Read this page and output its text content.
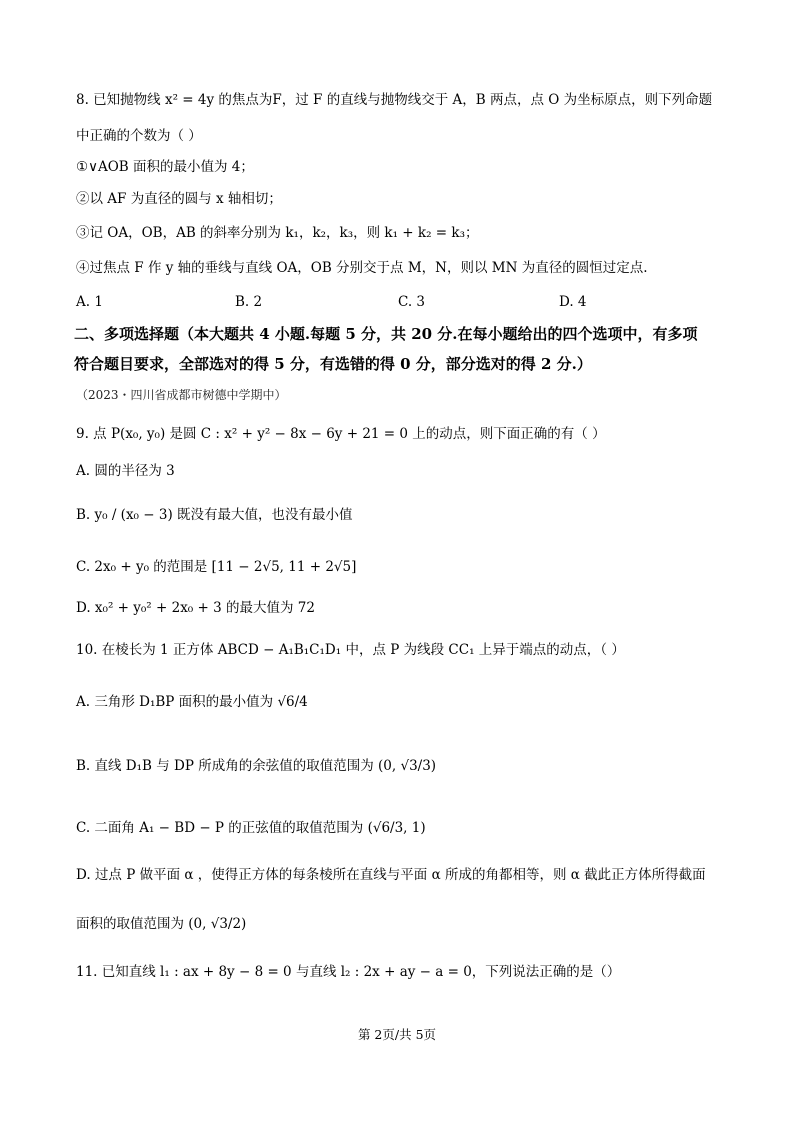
8. 已知抛物线 x² = 4y 的焦点为F，过 F 的直线与抛物线交于 A，B 两点，点 O 为坐标原点，则下列命题
中正确的个数为（ ）
①∨AOB 面积的最小值为 4；
②以 AF 为直径的圆与 x 轴相切；
③记 OA，OB，AB 的斜率分别为 k₁，k₂，k₃，则 k₁ + k₂ = k₃；
④过焦点 F 作 y 轴的垂线与直线 OA，OB 分别交于点 M，N，则以 MN 为直径的圆恒过定点.
A. 1	B. 2	C. 3	D. 4
二、多项选择题（本大题共 4 小题.每题 5 分，共 20 分.在每小题给出的四个选项中，有多项
符合题目要求，全部选对的得 5 分，有选错的得 0 分，部分选对的得 2 分.）
（2023・四川省成都市树德中学期中）
9. 点 P(x₀, y₀) 是圆 C : x² + y² − 8x − 6y + 21 = 0 上的动点，则下面正确的有（ ）
A. 圆的半径为 3
B. y₀ / (x₀ − 3) 既没有最大值，也没有最小值
C. 2x₀ + y₀ 的范围是 [11 − 2√5, 11 + 2√5]
D. x₀² + y₀² + 2x₀ + 3 的最大值为 72
10. 在棱长为 1 正方体 ABCD − A₁B₁C₁D₁ 中，点 P 为线段 CC₁ 上异于端点的动点，（ ）
A. 三角形 D₁BP 面积的最小值为 √6/4
B. 直线 D₁B 与 DP 所成角的余弦值的取值范围为 (0, √3/3)
C. 二面角 A₁ − BD − P 的正弦值的取值范围为 (√6/3, 1)
D. 过点 P 做平面 α ，使得正方体的每条棱所在直线与平面 α 所成的角都相等，则 α 截此正方体所得截面
面积的取值范围为 (0, √3/2)
11. 已知直线 l₁ : ax + 8y − 8 = 0 与直线 l₂ : 2x + ay − a = 0，下列说法正确的是（）
第 2页/共 5页
